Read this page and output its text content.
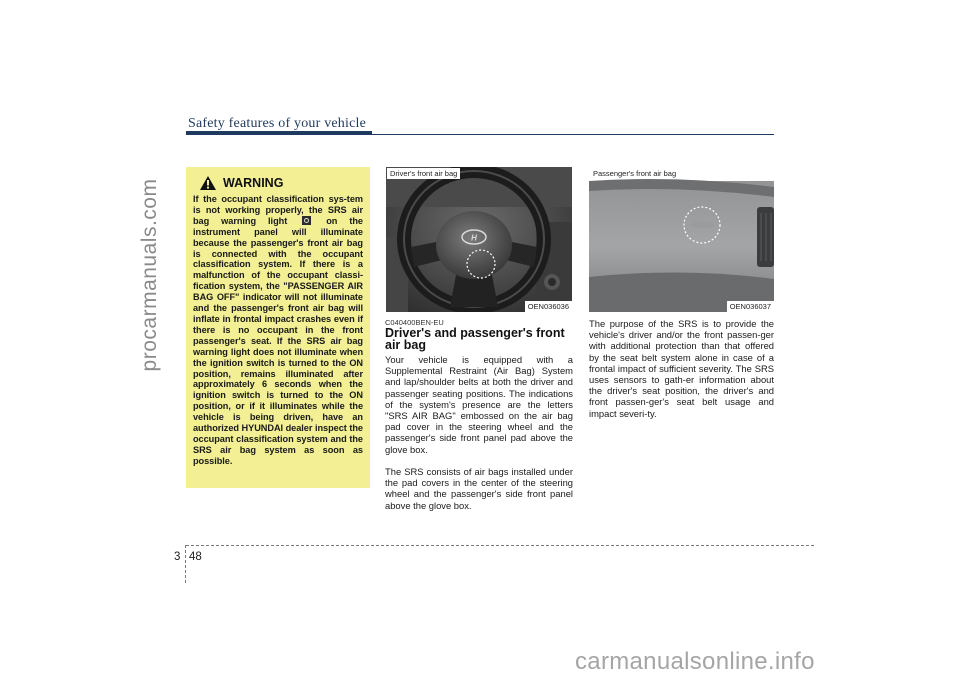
Safety features of your vehicle
procarmanuals.com
carmanualsonline.info
WARNING
If the occupant classification sys-tem is not working properly, the SRS air bag warning light	on the instrument panel will illuminate because the passenger's front air bag is connected with the occupant classification system. If there is a malfunction of the occupant classi-fication system, the "PASSENGER AIR BAG OFF" indicator will not illuminate and the passenger's front air bag will inflate in frontal impact crashes even if there is no occupant in the front passenger's seat. If the SRS air bag warning light does not illuminate when the ignition switch is turned to the ON position, remains illuminated after approximately 6 seconds when the ignition switch is turned to the ON position, or if it illuminates while the vehicle is being driven, have an authorized HYUNDAI dealer inspect the occupant classification system and the SRS air bag system as soon as possible.
H
Driver's front air bag
OEN036036
Passenger's front air bag
OEN036037
C040400BEN-EU
Driver's and passenger's front air bag
Your vehicle is equipped with a Supplemental Restraint (Air Bag) System and lap/shoulder belts at both the driver and passenger seating positions. The indications of the system's presence are the letters "SRS AIR BAG" embossed on the air bag pad cover in the steering wheel and the passenger's side front panel pad above the glove box.
The SRS consists of air bags installed under the pad covers in the center of the steering wheel and the passenger's side front panel above the glove box.
The purpose of the SRS is to provide the vehicle's driver and/or the front passen-ger with additional protection than that offered by the seat belt system alone in case of a frontal impact of sufficient severity. The SRS uses sensors to gath-er information about the driver's seat position, the driver's and front passen-ger's seat belt usage and impact severi-ty.
3 48
